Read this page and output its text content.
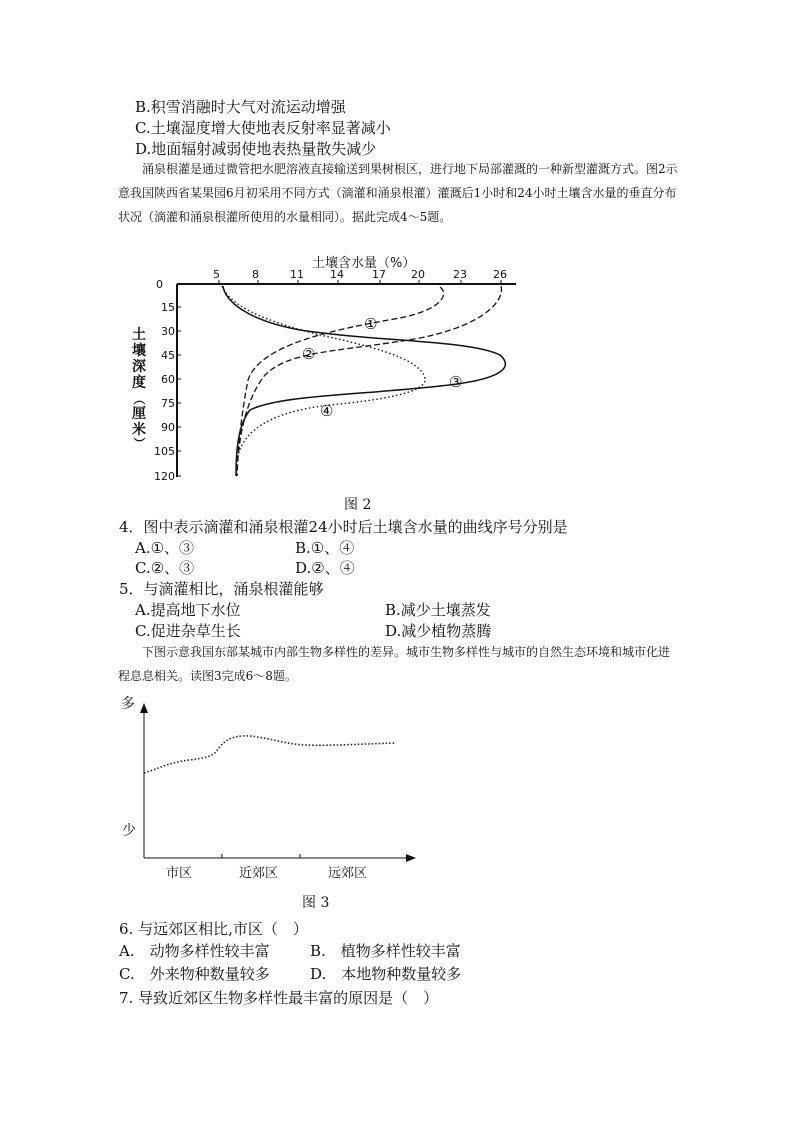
B.积雪消融时大气对流运动增强
C.土壤湿度增大使地表反射率显著减小
D.地面辐射减弱使地表热量散失减少
涌泉根灌是通过微管把水肥溶液直接输送到果树根区，进行地下局部灌溉的一种新型灌溉方式。图2示意我国陕西省某果园6月初采用不同方式（滴灌和涌泉根灌）灌溉后1小时和24小时土壤含水量的垂直分布状况（滴灌和涌泉根灌所使用的水量相同）。据此完成4～5题。
土壤含水量（%）
5	8	11 14	17 20	23 26
0
15
30
45
60
75
90
105
120
土
壤
深
度
（
厘
米
）
①
②
③
④
多
少
市区	近郊区	远郊区
图 2
4．图中表示滴灌和涌泉根灌24小时后土壤含水量的曲线序号分别是
A.①、③	B.①、④
C.②、③	D.②、④
5．与滴灌相比，涌泉根灌能够
A.提高地下水位	B.减少土壤蒸发
C.促进杂草生长	D.减少植物蒸腾
下图示意我国东部某城市内部生物多样性的差异。城市生物多样性与城市的自然生态环境和城市化进程息息相关。读图3完成6～8题。
图 3
6. 与远郊区相比,市区（　）
A.　动物多样性较丰富	B.　植物多样性较丰富
C.　外来物种数量较多	D.　本地物种数量较多
7. 导致近郊区生物多样性最丰富的原因是（　）
